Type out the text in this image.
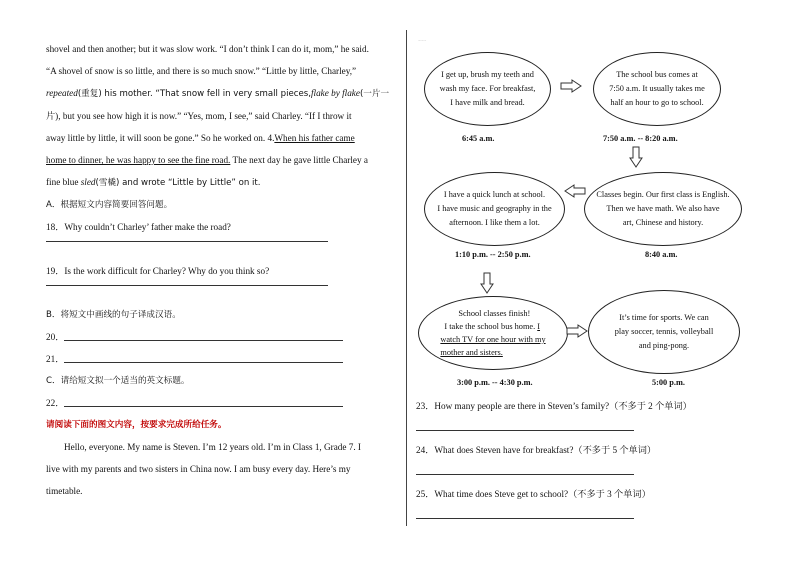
shovel and then another; but it was slow work. “I don’t think I can do it, mom,” he said.

“A shovel of snow is so little, and there is so much snow.” “Little by little, Charley,”

repeated(重复) his mother. “That snow fell in very small pieces,flake by flake(一片一

片), but you see how high it is now.” “Yes, mom, I see,” said Charley. “If I throw it

away little by little, it will soon be gone.” So he worked on. 4.When his father came

home to dinner, he was happy to see the fine road. The next day he gave little Charley a

fine blue sled(雪橇) and wrote “Little by Little” on it.

A．根据短文内容简要回答问题。

18．Why couldn’t Charley’ father make the road?

19．Is the work difficult for Charley? Why do you think so?

B．将短文中画线的句子译成汉语。

20．

21．

C．请给短文拟一个适当的英文标题。

22．

请阅读下面的图文内容，按要求完成所给任务。

Hello, everyone. My name is Steven. I’m 12 years old. I’m in Class 1, Grade 7. I

live with my parents and two sisters in China now. I am busy every day. Here’s my

timetable.

...........
I get up, brush my teeth and
wash my face. For breakfast,
I have milk and bread.
6:45 a.m.
The school bus comes at
7:50 a.m. It usually takes me
half an hour to go to school.
7:50 a.m. -- 8:20 a.m.
Classes begin. Our first class is English.
Then we have math. We also have
art, Chinese and history.
8:40 a.m.
I have a quick lunch at school.
I have music and geography in the
afternoon. I like them a lot.
1:10 p.m. -- 2:50 p.m.
School classes finish!
I take the school bus home. I
watch TV for one hour with my
mother and sisters.
3:00 p.m. -- 4:30 p.m.
It’s time for sports. We can
play soccer, tennis, volleyball
and ping-pong.
5:00 p.m.
23．How many people are there in Steven’s family?（不多于 2 个单词）
24．What does Steven have for breakfast?（不多于 5 个单词）
25．What time does Steve get to school?（不多于 3 个单词）
